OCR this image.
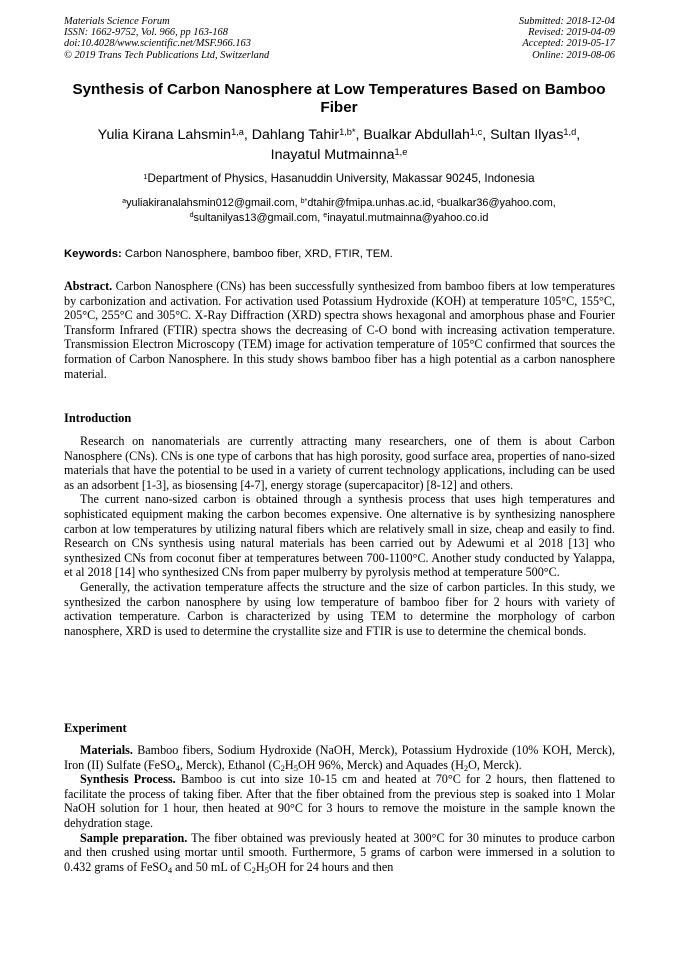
Materials Science Forum
ISSN: 1662-9752, Vol. 966, pp 163-168
doi:10.4028/www.scientific.net/MSF.966.163
© 2019 Trans Tech Publications Ltd, Switzerland
Submitted: 2018-12-04
Revised: 2019-04-09
Accepted: 2019-05-17
Online: 2019-08-06
Synthesis of Carbon Nanosphere at Low Temperatures Based on Bamboo Fiber
Yulia Kirana Lahsmin$^{1,a}$, Dahlang Tahir$^{1,b*}$, Bualkar Abdullah$^{1,c}$, Sultan Ilyas$^{1,d}$,
Inayatul Mutmainna$^{1,e}$
$^1$Department of Physics, Hasanuddin University, Makassar 90245, Indonesia
$^a$yuliakiranalahsmin012@gmail.com, $^{b*}$dtahir@fmipa.unhas.ac.id, $^c$bualkar36@yahoo.com,
$^d$sultanilyas13@gmail.com, $^e$inayatul.mutmainna@yahoo.co.id
Keywords: Carbon Nanosphere, bamboo fiber, XRD, FTIR, TEM.

Abstract. Carbon Nanosphere (CNs) has been successfully synthesized from bamboo fibers at low temperatures by carbonization and activation. For activation used Potassium Hydroxide (KOH) at temperature 105°C, 155°C, 205°C, 255°C and 305°C. X-Ray Diffraction (XRD) spectra shows hexagonal and amorphous phase and Fourier Transform Infrared (FTIR) spectra shows the decreasing of C-O bond with increasing activation temperature. Transmission Electron Microscopy (TEM) image for activation temperature of 105°C confirmed that sources the formation of Carbon Nanosphere. In this study shows bamboo fiber has a high potential as a carbon nanosphere material.

Introduction

Research on nanomaterials are currently attracting many researchers, one of them is about Carbon Nanosphere (CNs). CNs is one type of carbons that has high porosity, good surface area, properties of nano-sized materials that have the potential to be used in a variety of current technology applications, including can be used as an adsorbent [1-3], as biosensing [4-7], energy storage (supercapacitor) [8-12] and others.

The current nano-sized carbon is obtained through a synthesis process that uses high temperatures and sophisticated equipment making the carbon becomes expensive. One alternative is by synthesizing nanosphere carbon at low temperatures by utilizing natural fibers which are relatively small in size, cheap and easily to find. Research on CNs synthesis using natural materials has been carried out by Adewumi et al 2018 [13] who synthesized CNs from coconut fiber at temperatures between 700-1100°C. Another study conducted by Yalappa, et al 2018 [14] who synthesized CNs from paper mulberry by pyrolysis method at temperature 500°C.

Generally, the activation temperature affects the structure and the size of carbon particles. In this study, we synthesized the carbon nanosphere by using low temperature of bamboo fiber for 2 hours with variety of activation temperature. Carbon is characterized by using TEM to determine the morphology of carbon nanosphere, XRD is used to determine the crystallite size and FTIR is use to determine the chemical bonds.

Experiment

Materials. Bamboo fibers, Sodium Hydroxide (NaOH, Merck), Potassium Hydroxide (10% KOH, Merck), Iron (II) Sulfate (FeSO$_4$, Merck), Ethanol ($C_2H_5OH$ 96%, Merck) and Aquades ($H_2O$, Merck).

Synthesis Process. Bamboo is cut into size 10-15 cm and heated at 70°C for 2 hours, then flattened to facilitate the process of taking fiber. After that the fiber obtained from the previous step is soaked into 1 Molar NaOH solution for 1 hour, then heated at 90°C for 3 hours to remove the moisture in the sample known the dehydration stage.

Sample preparation. The fiber obtained was previously heated at 300°C for 30 minutes to produce carbon and then crushed using mortar until smooth. Furthermore, 5 grams of carbon were immersed in a solution to 0.432 grams of FeSO$_4$ and 50 mL of $C_2H_5OH$ for 24 hours and then
